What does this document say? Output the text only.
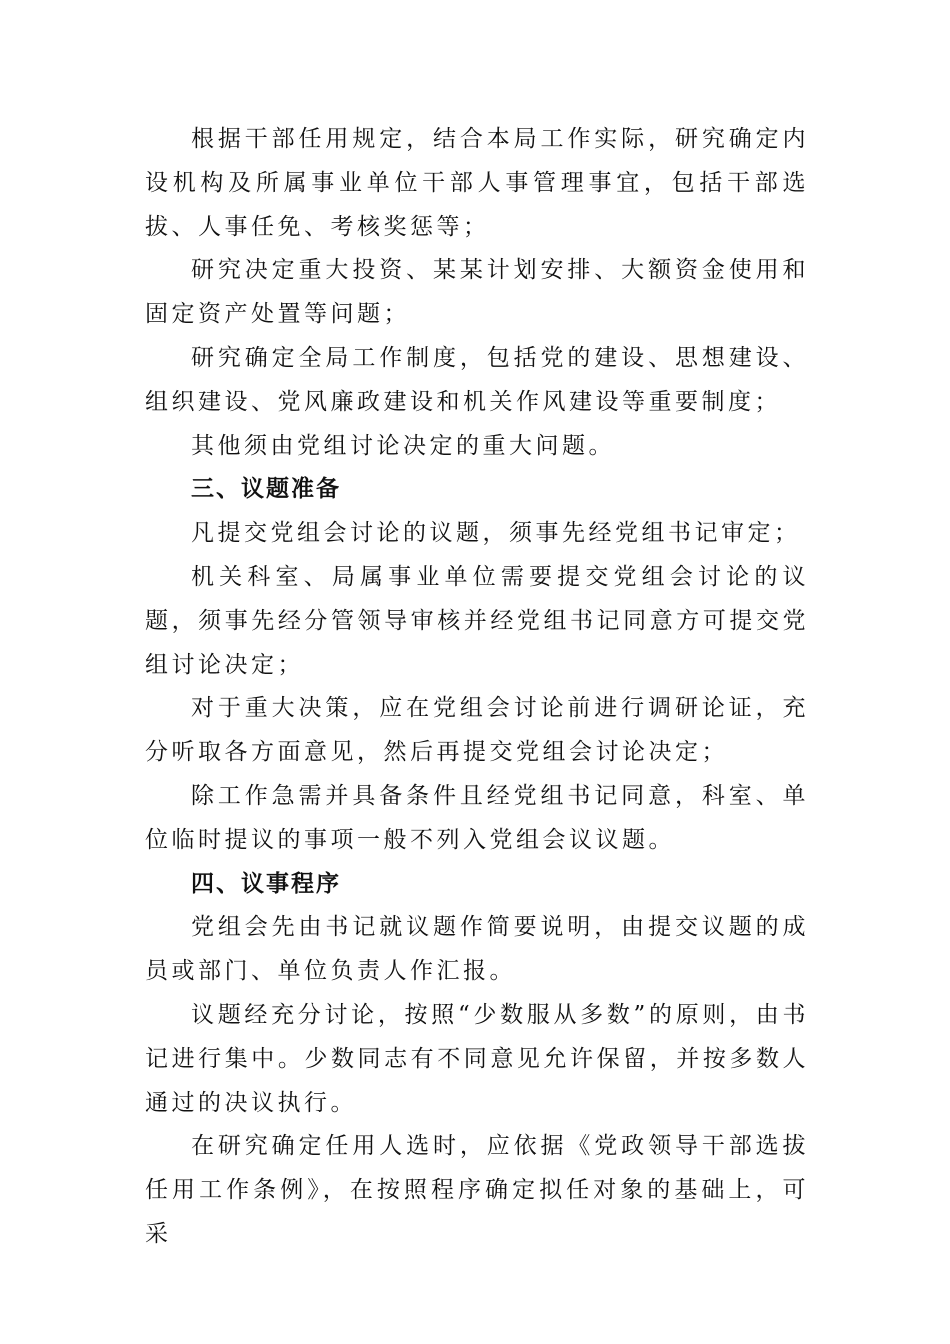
根据干部任用规定，结合本局工作实际，研究确定内设机构及所属事业单位干部人事管理事宜，包括干部选拔、人事任免、考核奖惩等；

研究决定重大投资、某某计划安排、大额资金使用和固定资产处置等问题；

研究确定全局工作制度，包括党的建设、思想建设、组织建设、党风廉政建设和机关作风建设等重要制度；

其他须由党组讨论决定的重大问题。

三、议题准备

凡提交党组会讨论的议题，须事先经党组书记审定；

机关科室、局属事业单位需要提交党组会讨论的议题，须事先经分管领导审核并经党组书记同意方可提交党组讨论决定；

对于重大决策，应在党组会讨论前进行调研论证，充分听取各方面意见，然后再提交党组会讨论决定；

除工作急需并具备条件且经党组书记同意，科室、单位临时提议的事项一般不列入党组会议议题。

四、议事程序

党组会先由书记就议题作简要说明，由提交议题的成员或部门、单位负责人作汇报。

议题经充分讨论，按照“少数服从多数”的原则，由书记进行集中。少数同志有不同意见允许保留，并按多数人通过的决议执行。

在研究确定任用人选时，应依据《党政领导干部选拔任用工作条例》，在按照程序确定拟任对象的基础上，可采
